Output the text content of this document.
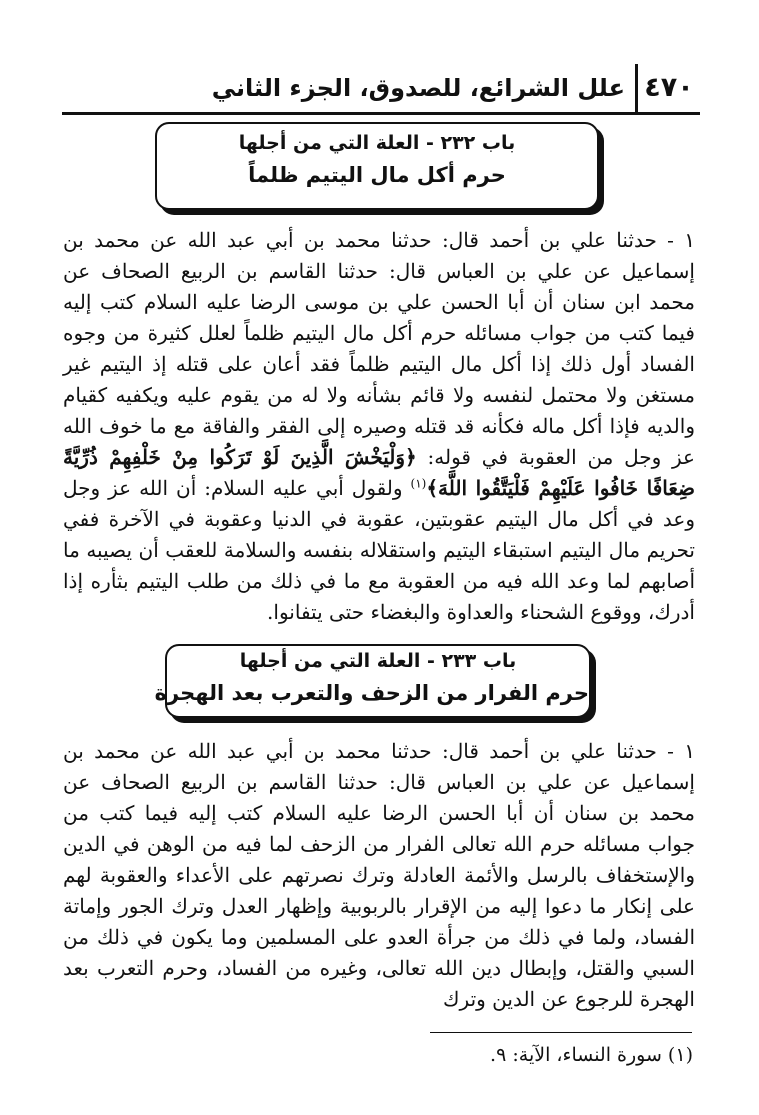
٤٧٠
علل الشرائع، للصدوق، الجزء الثاني
باب ٢٣٢ - العلة التي من أجلها
حرم أكل مال اليتيم ظلماً
١ - حدثنا علي بن أحمد قال: حدثنا محمد بن أبي عبد الله عن محمد بن إسماعيل عن علي بن العباس قال: حدثنا القاسم بن الربيع الصحاف عن محمد ابن سنان أن أبا الحسن علي بن موسى الرضا عليه السلام كتب إليه فيما كتب من جواب مسائله حرم أكل مال اليتيم ظلماً لعلل كثيرة من وجوه الفساد أول ذلك إذا أكل مال اليتيم ظلماً فقد أعان على قتله إذ اليتيم غير مستغن ولا محتمل لنفسه ولا قائم بشأنه ولا له من يقوم عليه ويكفيه كقيام والديه فإذا أكل ماله فكأنه قد قتله وصيره إلى الفقر والفاقة مع ما خوف الله عز وجل من العقوبة في قوله: ﴿وَلْيَخْشَ الَّذِينَ لَوْ تَرَكُوا مِنْ خَلْفِهِمْ ذُرِّيَّةً ضِعَافًا خَافُوا عَلَيْهِمْ فَلْيَتَّقُوا اللَّهَ﴾$^{(١)}$ ولقول أبي عليه السلام: أن الله عز وجل وعد في أكل مال اليتيم عقوبتين، عقوبة في الدنيا وعقوبة في الآخرة ففي تحريم مال اليتيم استبقاء اليتيم واستقلاله بنفسه والسلامة للعقب أن يصيبه ما أصابهم لما وعد الله فيه من العقوبة مع ما في ذلك من طلب اليتيم بثأره إذا أدرك، ووقوع الشحناء والعداوة والبغضاء حتى يتفانوا.
باب ٢٣٣ - العلة التي من أجلها
حرم الفرار من الزحف والتعرب بعد الهجرة
١ - حدثنا علي بن أحمد قال: حدثنا محمد بن أبي عبد الله عن محمد بن إسماعيل عن علي بن العباس قال: حدثنا القاسم بن الربيع الصحاف عن محمد بن سنان أن أبا الحسن الرضا عليه السلام كتب إليه فيما كتب من جواب مسائله حرم الله تعالى الفرار من الزحف لما فيه من الوهن في الدين والإستخفاف بالرسل والأئمة العادلة وترك نصرتهم على الأعداء والعقوبة لهم على إنكار ما دعوا إليه من الإقرار بالربوبية وإظهار العدل وترك الجور وإماتة الفساد، ولما في ذلك من جرأة العدو على المسلمين وما يكون في ذلك من السبي والقتل، وإبطال دين الله تعالى، وغيره من الفساد، وحرم التعرب بعد الهجرة للرجوع عن الدين وترك
(١) سورة النساء، الآية: ٩.
